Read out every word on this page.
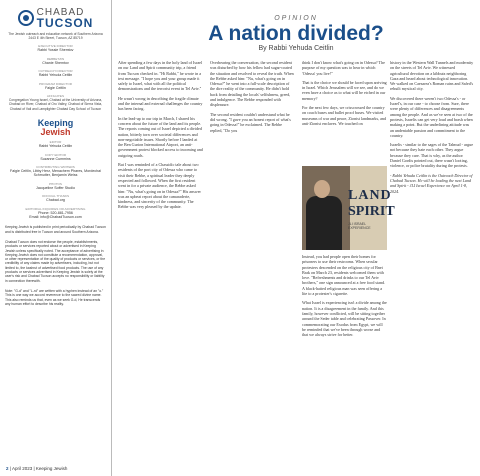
CHABAD
TUCSON
The Jewish outreach and education network of Southern Arizona
2443 E 4th Street, Tucson, AZ 85719
EXECUTIVE DIRECTOR
Rabbi Yossie Shemtov
REBBETZIN
Chanie Shemtov
OUTREACH DIRECTOR
Rabbi Yehuda Ceitlin
PROGRAM DIRECTOR
Faigie Ceitlin
AFFILIATES
Congregation Young Israel, Chabad at the University of Arizona, Chabad on River, Chabad of Oro Valley, Chabad of Sierra Vista, Chabad of Vail and Lamplighter Chabad Day School of Tucson
Keeping
Jewish
EDITOR
Rabbi Yehuda Ceitlin
COPY EDITOR
Suzanne Cummins
CONTRIBUTING WRITERS
Faigie Ceitlin, Libby Herz, Menachem Phares, Mordechai Schmutter, Benjamin Weiss
PHOTOS
Jacqueline Soffer Studio
OFFICIAL THANKS
Chabad.org
EDITORIAL INQUIRIES OR ADVERTISING
Phone: 520-881-7956
Email: info@ChabadTucson.com
Keeping Jewish is published in print periodically by Chabad Tucson and is distributed free in Tucson and around Southern Arizona.
Chabad Tucson does not endorse the people, establishments, products or services reported about or advertised in Keeping Jewish unless specifically noted. The acceptance of advertising in Keeping Jewish does not constitute a recommendation, approval, or other representation of the quality of products or services, or the credibility of any claims made by advertisers, including, but not limited to, the kashrut of advertised food products. The use of any products or services advertised in Keeping Jewish is solely at the user's risk and Chabad Tucson accepts no responsibility or liability in connection therewith.
Note: "G-d" and "L-rd" are written with a hyphen instead of an "o." This is one way we accord reverence to the sacred divine name. This also reminds us that, even as we seek G-d, He transcends any human effort to describe his reality.
OPINION
A nation divided?
By Rabbi Yehuda Ceitlin

After spending a few days in the holy land of Israel on our Land and Spirit community trip, a friend from Tucson checked in. "Hi Rabbi," he wrote in a text message. "I hope you and your group made it safely to Israel, what with all the political demonstrations and the terrorist event in Tel Aviv."

He wasn't wrong in describing the fragile climate and the internal and external challenges the country has been facing.

In the lead-up to our trip in March, I shared his concern about the future of the land and its people. The reports coming out of Israel depicted a divided nation, bitterly torn over societal differences and non-negotiable issues. Shortly before I landed at the Ben Gurion International Airport, an anti-government protest blocked access to incoming and outgoing roads.

But I was reminded of a Chassidic tale about two residents of the port city of Odessa who came to visit their Rebbe, a spiritual leader they deeply respected and followed. When the first resident went in for a private audience, the Rebbe asked him: "Nu, what's going on in Odessa?" His answer was an upbeat report about the camaraderie, kindness, and sincerity of the community. The Rebbe was very pleased by the update.

Overhearing the conversation, the second resident was disturbed by how his fellow had sugar-coated the situation and resolved to reveal the truth. When the Rebbe asked him: "Nu, what's going on in Odessa?" he went into a full-scale description of the dire reality of the community. He didn't hold back from detailing the locals' selfishness, greed, and indulgence. The Rebbe responded with displeasure.

The second resident couldn't understand what he did wrong. "I gave you an honest report of what's going in Odessa!" he exclaimed. The Rebbe replied, "Do you

think I don't know what's going on in Odessa? The purpose of my question was to hear in which 'Odessa' you live!"

That is the choice we should be faced upon arriving in Israel. Which Jerusalem will we see, and do we even have a choice as to what will be etched in our memory?

For the next few days, we crisscrossed the country on coach buses and bullet proof buses. We visited museums of war and peace, Zionist landmarks, and anti-Zionist enclaves. We touched on

LAND
SPIRIT
JLI ISRAEL EXPERIENCE

Instead, you had people open their homes for prisoners to use their restrooms. When secular protesters descended on the religious city of Bnei Brak on March 23, residents welcomed them with love. "Refreshments and drinks to our Tel Aviv brothers," one sign announced at a free food stand. A black-hatted religious man was seen offering a lite to a protester's cigarette.

What Israel is experiencing isn't a divide among the nation. It is a disagreement in the family. And this family, however conflicted, will be sitting together around the Seder table and celebrating Passover. In commemorating our Exodus from Egypt, we will be reminded that we've been through worse and that we always strive for better.

history in the Western Wall Tunnels and modernity on the streets of Tel Aviv. We witnessed agricultural devotion on a kibbutz neighboring Gaza and heard about technological innovation. We walked on Caesarea's Roman ruins and Safed's rebuilt mystical city.

We discovered there weren't two Odessa's - or Israel's, in our case - to choose from. Sure, there were plenty of differences and disagreements among the people. And as we've seen at two of the protests, Israelis can get very loud and brash when making a point. But the underlining attitude was an undeniable passion and commitment to the country.

Israelis - similar to the sages of the Talmud - argue not because they hate each other. They argue because they care. That is why, as the author Daniel Gordis pointed out, there wasn't looting, violence, or police brutality during the protests.

- Rabbi Yehuda Ceitlin is the Outreach Director of Chabad Tucson. He will be leading the next Land and Spirit - JLI Israel Experience on April 1-8, 2024.

2 | April 2023 | Keeping Jewish
